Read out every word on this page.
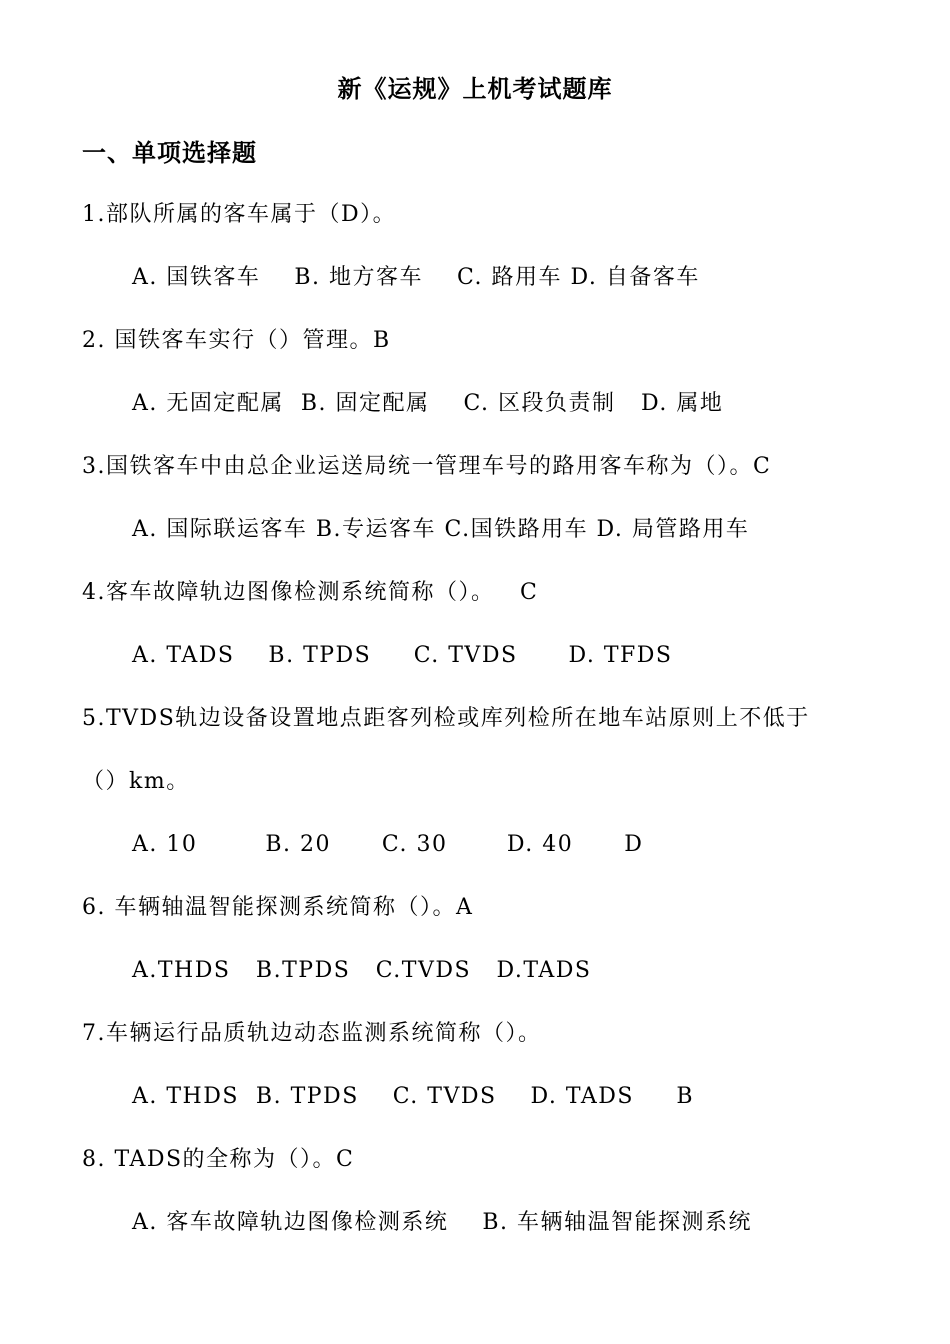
新《运规》上机考试题库
一、单项选择题
1.部队所属的客车属于（D）。
A. 国铁客车    B. 地方客车    C. 路用车 D. 自备客车
2. 国铁客车实行（）管理。B
A. 无固定配属  B. 固定配属    C. 区段负责制   D. 属地
3.国铁客车中由总企业运送局统一管理车号的路用客车称为（）。C
A. 国际联运客车 B.专运客车 C.国铁路用车 D. 局管路用车
4.客车故障轨边图像检测系统简称（）。   C
A. TADS    B. TPDS     C. TVDS      D. TFDS
5.TVDS轨边设备设置地点距客列检或库列检所在地车站原则上不低于
（）km。
A. 10        B. 20      C. 30       D. 40      D
6. 车辆轴温智能探测系统简称（）。A
A.THDS   B.TPDS   C.TVDS   D.TADS
7.车辆运行品质轨边动态监测系统简称（）。
A. THDS  B. TPDS    C. TVDS    D. TADS     B
8. TADS的全称为（）。C
A. 客车故障轨边图像检测系统    B. 车辆轴温智能探测系统
